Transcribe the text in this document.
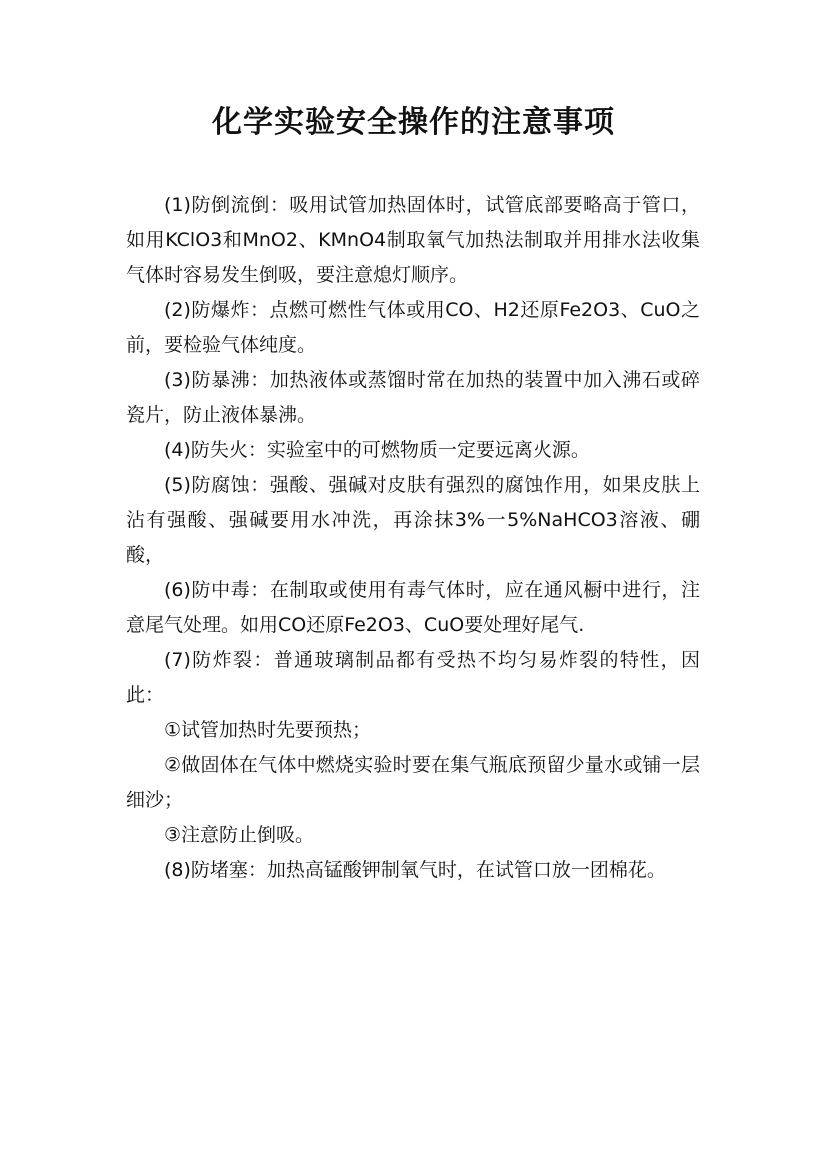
化学实验安全操作的注意事项

(1)防倒流倒：吸用试管加热固体时，试管底部要略高于管口，如用KClO3和MnO2、KMnO4制取氧气加热法制取并用排水法收集气体时容易发生倒吸，要注意熄灯顺序。

(2)防爆炸：点燃可燃性气体或用CO、H2还原Fe2O3、CuO之前，要检验气体纯度。

(3)防暴沸：加热液体或蒸馏时常在加热的装置中加入沸石或碎瓷片，防止液体暴沸。

(4)防失火：实验室中的可燃物质一定要远离火源。

(5)防腐蚀：强酸、强碱对皮肤有强烈的腐蚀作用，如果皮肤上沾有强酸、强碱要用水冲洗，再涂抹3%一5%NaHCO3溶液、硼酸，

(6)防中毒：在制取或使用有毒气体时，应在通风橱中进行，注意尾气处理。如用CO还原Fe2O3、CuO要处理好尾气.

(7)防炸裂：普通玻璃制品都有受热不均匀易炸裂的特性，因此：

①试管加热时先要预热；

②做固体在气体中燃烧实验时要在集气瓶底预留少量水或铺一层细沙；

③注意防止倒吸。

(8)防堵塞：加热高锰酸钾制氧气时，在试管口放一团棉花。
